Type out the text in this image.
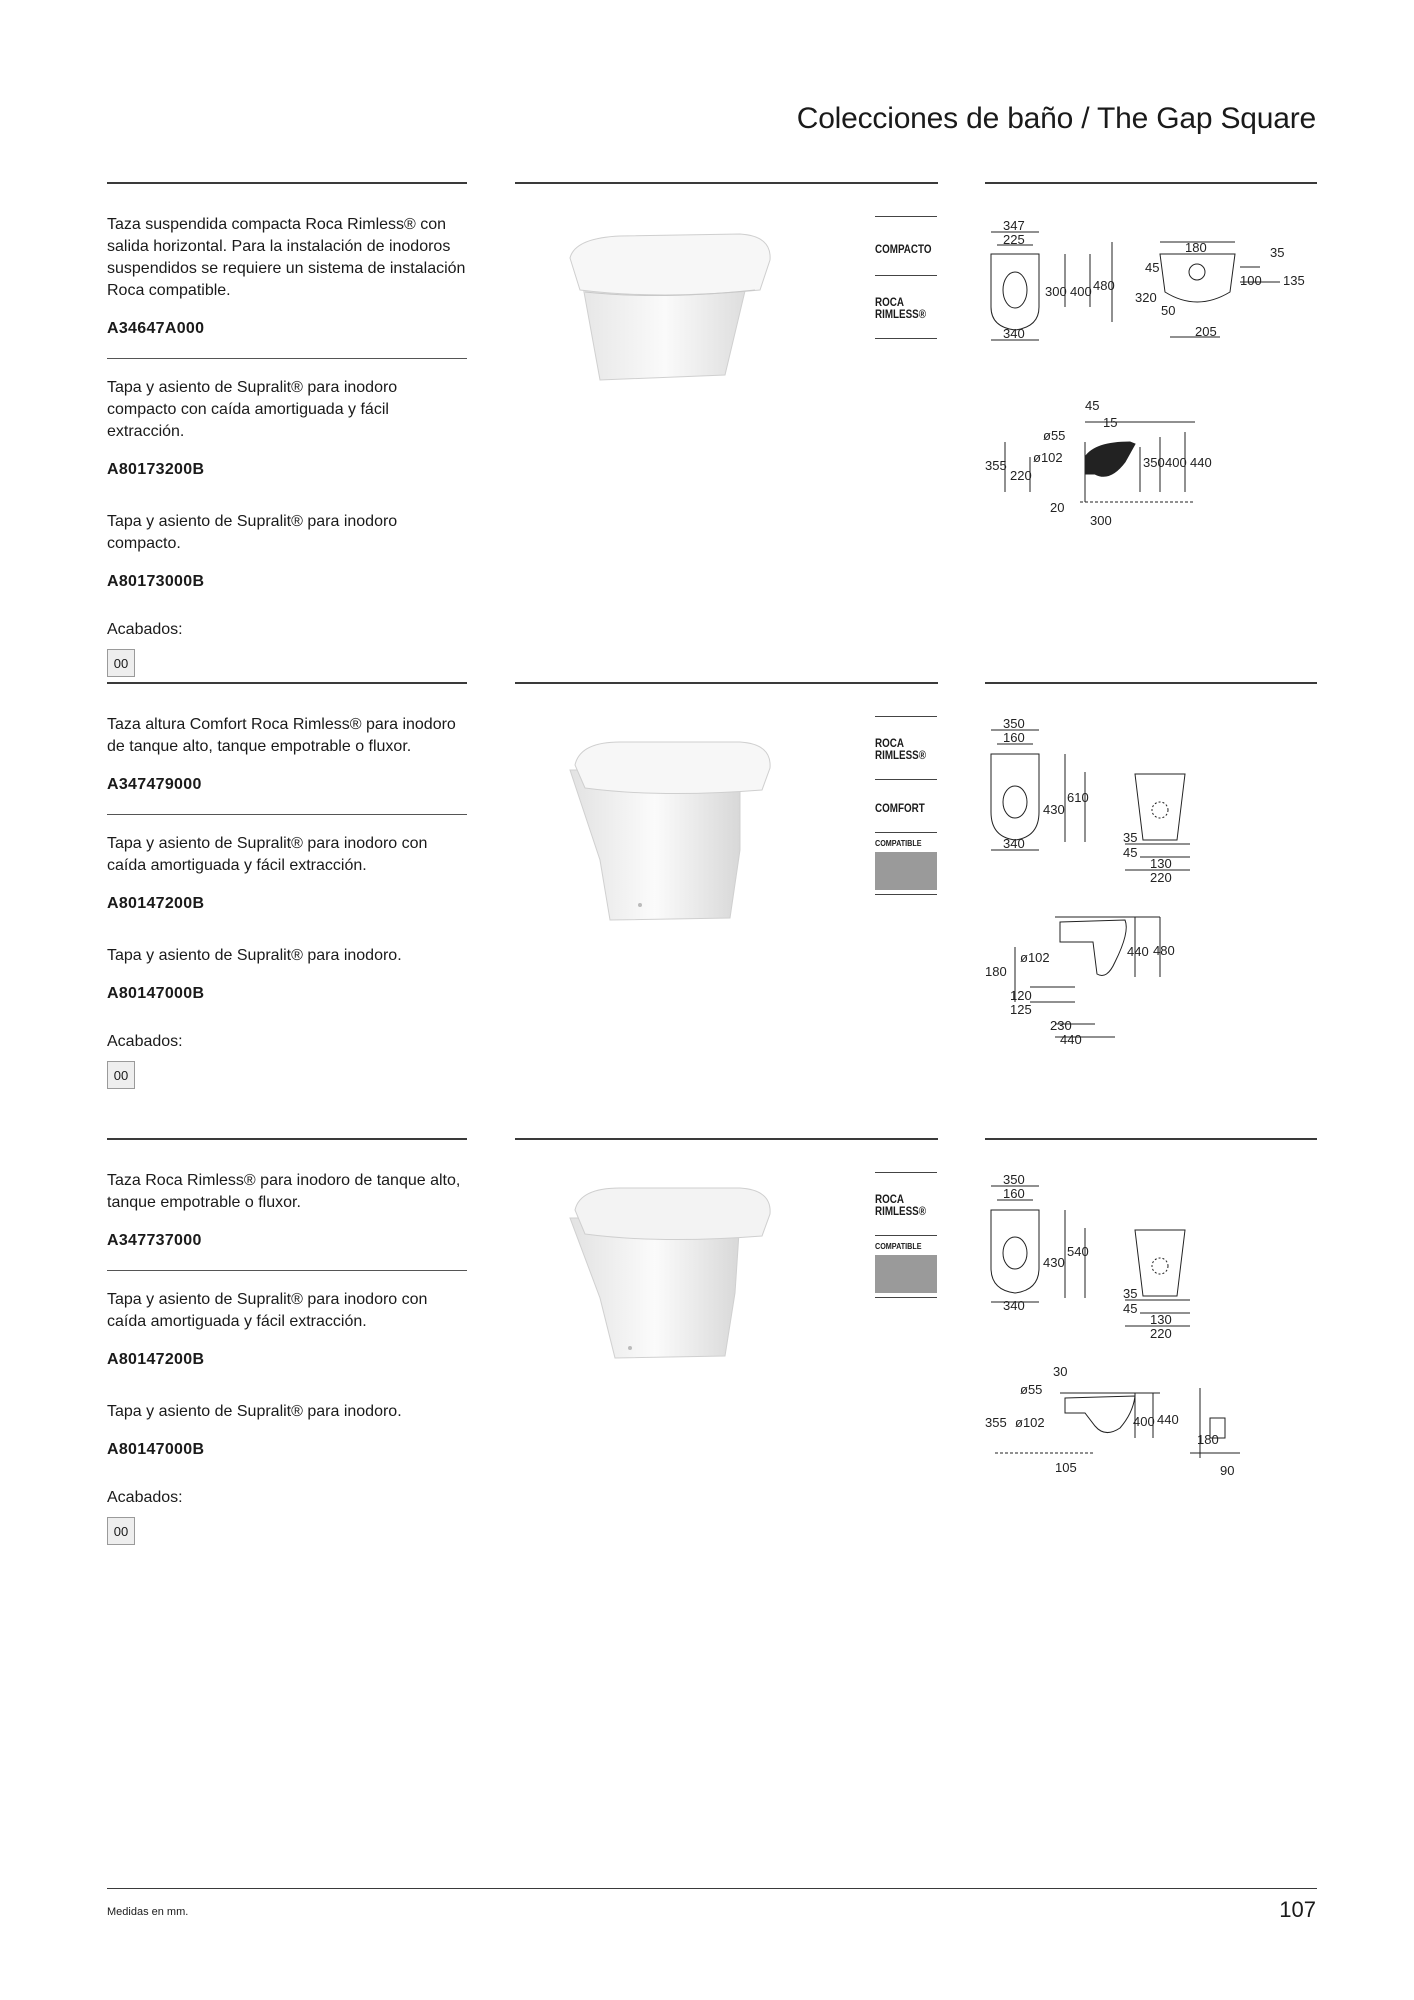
Colecciones de baño / The Gap Square

Taza suspendida compacta Roca Rimless® con salida horizontal. Para la instalación de inodoros suspendidos se requiere un sistema de instalación Roca compatible.

A34647A000

Tapa y asiento de Supralit® para inodoro compacto con caída amortiguada y fácil extracción.

A80173200B

Tapa y asiento de Supralit® para inodoro compacto.

A80173000B

Acabados:

00
COMPACTO
ROCA
RIMLESS®
347
225
300 400 480
340
180	35
45
100 135
320
50
205
45
15
ø55
ø102
355
220
350 400 440
20
300

Taza altura Comfort Roca Rimless® para inodoro de tanque alto, tanque empotrable o fluxor.

A347479000

Tapa y asiento de Supralit® para inodoro con caída amortiguada y fácil extracción.

A80147200B

Tapa y asiento de Supralit® para inodoro.

A80147000B

Acabados:

00
ROCA
RIMLESS®
COMFORT
COMPATIBLE
350
160
430
610
340	35
45
130
220
ø102
180
440 480
120
125
230
440

Taza Roca Rimless® para inodoro de tanque alto, tanque empotrable o fluxor.

A347737000

Tapa y asiento de Supralit® para inodoro con caída amortiguada y fácil extracción.

A80147200B

Tapa y asiento de Supralit® para inodoro.

A80147000B

Acabados:

00
ROCA
RIMLESS®
COMPATIBLE
350
160
430
540
340
35
45
130
220
30
ø55
355 ø102	400 440
105
180
90
Medidas en mm.	107
